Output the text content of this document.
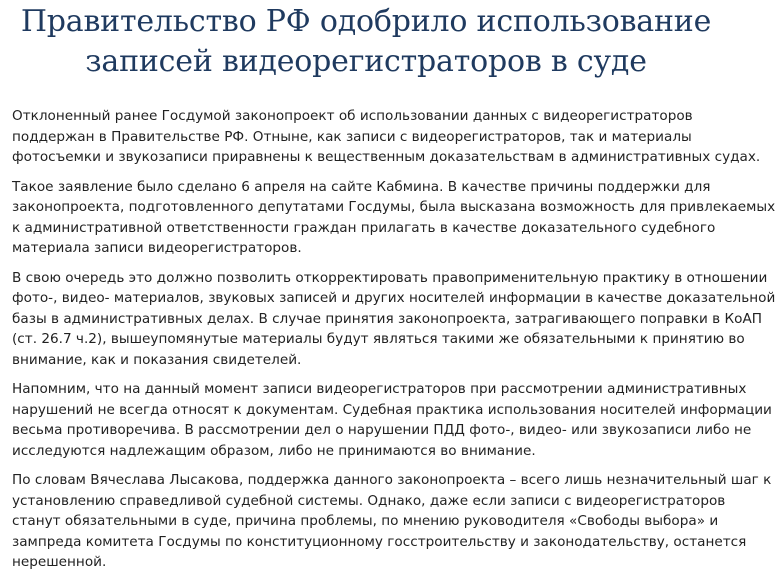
Правительство РФ одобрило использование записей видеорегистраторов в суде

Отклоненный ранее Госдумой законопроект об использовании данных с видеорегистраторов
поддержан в Правительстве РФ. Отныне, как записи с видеорегистраторов, так и материалы
фотосъемки и звукозаписи приравнены к вещественным доказательствам в административных судах.

Такое заявление было сделано 6 апреля на сайте Кабмина. В качестве причины поддержки для
законопроекта, подготовленного депутатами Госдумы, была высказана возможность для привлекаемых
к административной ответственности граждан прилагать в качестве доказательного судебного
материала записи видеорегистраторов.

В свою очередь это должно позволить откорректировать правоприменительную практику в отношении
фото-, видео- материалов, звуковых записей и других носителей информации в качестве доказательной
базы в административных делах. В случае принятия законопроекта, затрагивающего поправки в КоАП
(ст. 26.7 ч.2), вышеупомянутые материалы будут являться такими же обязательными к принятию во
внимание, как и показания свидетелей.

Напомним, что на данный момент записи видеорегистраторов при рассмотрении административных
нарушений не всегда относят к документам. Судебная практика использования носителей информации
весьма противоречива. В рассмотрении дел о нарушении ПДД фото-, видео- или звукозаписи либо не
исследуются надлежащим образом, либо не принимаются во внимание.

По словам Вячеслава Лысакова, поддержка данного законопроекта – всего лишь незначительный шаг к
установлению справедливой судебной системы. Однако, даже если записи с видеорегистраторов
станут обязательными в суде, причина проблемы, по мнению руководителя «Свободы выбора» и
зампреда комитета Госдумы по конституционному госстроительству и законодательству, останется
нерешенной.
